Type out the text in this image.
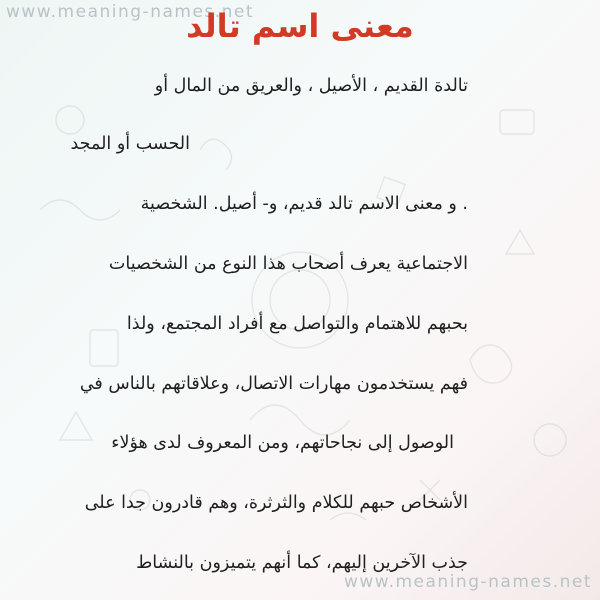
www.meaning-names.net
معنى اسم تالد
تالدة القديم ، الأصيل ، والعريق من المال أو
الحسب أو المجد
. و معنى الاسم تالد قديم، و- أصيل. الشخصية
الاجتماعية يعرف أصحاب هذا النوع من الشخصيات
بحبهم للاهتمام والتواصل مع أفراد المجتمع، ولذا
فهم يستخدمون مهارات الاتصال، وعلاقاتهم بالناس في
الوصول إلى نجاحاتهم، ومن المعروف لدى هؤلاء
الأشخاص حبهم للكلام والثرثرة، وهم قادرون جدا على
جذب الآخرين إليهم، كما أنهم يتميزون بالنشاط
www.meaning-names.net
